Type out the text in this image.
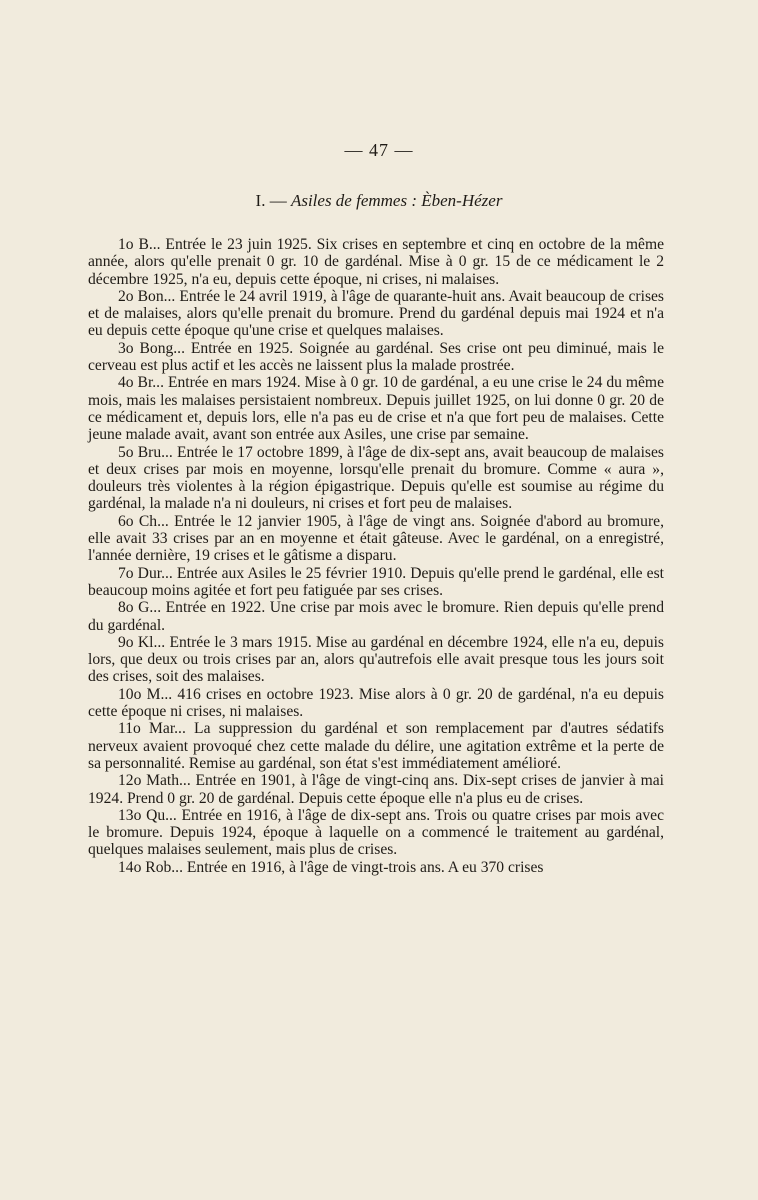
— 47 —
I. — Asiles de femmes : Èben-Hézer

1o B... Entrée le 23 juin 1925. Six crises en septembre et cinq en octobre de la même année, alors qu'elle prenait 0 gr. 10 de gardénal. Mise à 0 gr. 15 de ce médicament le 2 décembre 1925, n'a eu, depuis cette époque, ni crises, ni malaises.

2o Bon... Entrée le 24 avril 1919, à l'âge de quarante-huit ans. Avait beaucoup de crises et de malaises, alors qu'elle prenait du bromure. Prend du gardénal depuis mai 1924 et n'a eu depuis cette époque qu'une crise et quelques malaises.

3o Bong... Entrée en 1925. Soignée au gardénal. Ses crise ont peu diminué, mais le cerveau est plus actif et les accès ne laissent plus la malade prostrée.

4o Br... Entrée en mars 1924. Mise à 0 gr. 10 de gardénal, a eu une crise le 24 du même mois, mais les malaises persistaient nombreux. Depuis juillet 1925, on lui donne 0 gr. 20 de ce médicament et, depuis lors, elle n'a pas eu de crise et n'a que fort peu de malaises. Cette jeune malade avait, avant son entrée aux Asiles, une crise par semaine.

5o Bru... Entrée le 17 octobre 1899, à l'âge de dix-sept ans, avait beaucoup de malaises et deux crises par mois en moyenne, lorsqu'elle prenait du bromure. Comme « aura », douleurs très violentes à la région épigastrique. Depuis qu'elle est soumise au régime du gardénal, la malade n'a ni douleurs, ni crises et fort peu de malaises.

6o Ch... Entrée le 12 janvier 1905, à l'âge de vingt ans. Soignée d'abord au bromure, elle avait 33 crises par an en moyenne et était gâteuse. Avec le gardénal, on a enregistré, l'année dernière, 19 crises et le gâtisme a disparu.

7o Dur... Entrée aux Asiles le 25 février 1910. Depuis qu'elle prend le gardénal, elle est beaucoup moins agitée et fort peu fatiguée par ses crises.

8o G... Entrée en 1922. Une crise par mois avec le bromure. Rien depuis qu'elle prend du gardénal.

9o Kl... Entrée le 3 mars 1915. Mise au gardénal en décembre 1924, elle n'a eu, depuis lors, que deux ou trois crises par an, alors qu'autrefois elle avait presque tous les jours soit des crises, soit des malaises.

10o M... 416 crises en octobre 1923. Mise alors à 0 gr. 20 de gardénal, n'a eu depuis cette époque ni crises, ni malaises.

11o Mar... La suppression du gardénal et son remplacement par d'autres sédatifs nerveux avaient provoqué chez cette malade du délire, une agitation extrême et la perte de sa personnalité. Remise au gardénal, son état s'est immédiatement amélioré.

12o Math... Entrée en 1901, à l'âge de vingt-cinq ans. Dix-sept crises de janvier à mai 1924. Prend 0 gr. 20 de gardénal. Depuis cette époque elle n'a plus eu de crises.

13o Qu... Entrée en 1916, à l'âge de dix-sept ans. Trois ou quatre crises par mois avec le bromure. Depuis 1924, époque à laquelle on a commencé le traitement au gardénal, quelques malaises seulement, mais plus de crises.

14o Rob... Entrée en 1916, à l'âge de vingt-trois ans. A eu 370 crises
